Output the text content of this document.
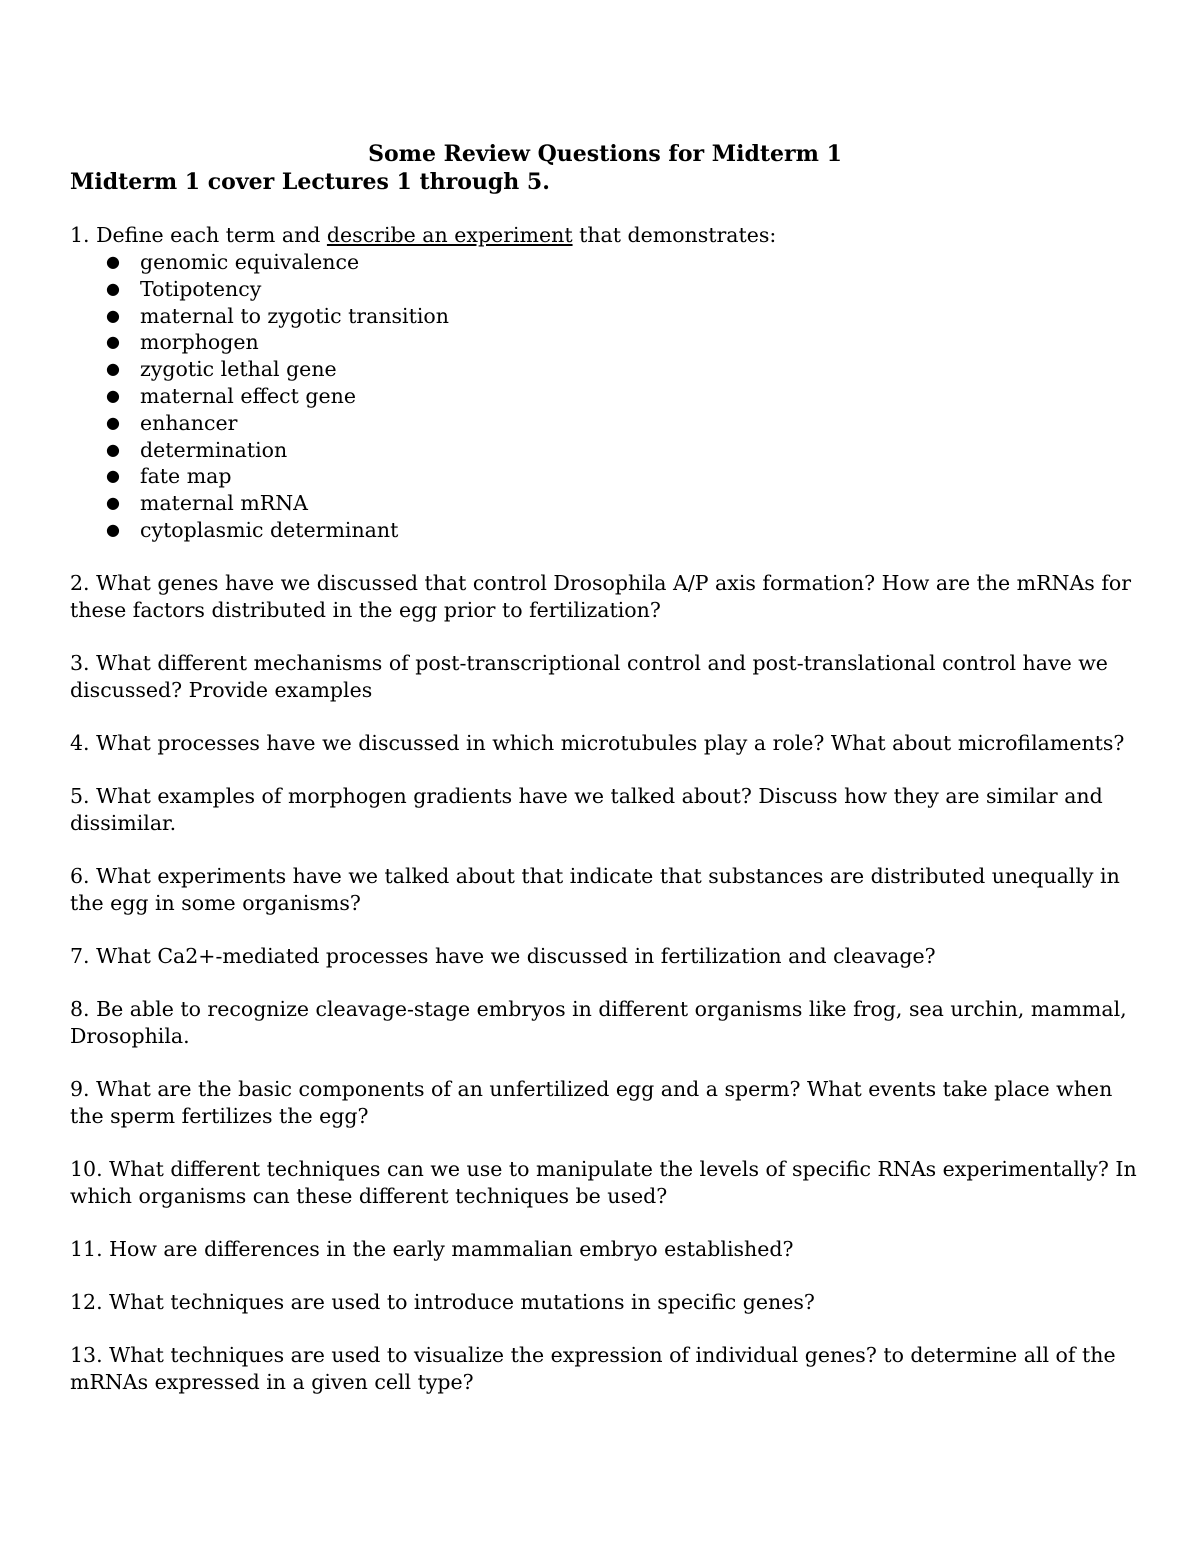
Some Review Questions for Midterm 1

Midterm 1 cover Lectures 1 through 5.

1. Define each term and describe an experiment that demonstrates:

● genomic equivalence
● Totipotency
● maternal to zygotic transition
● morphogen
● zygotic lethal gene
● maternal effect gene
● enhancer
● determination
● fate map
● maternal mRNA
● cytoplasmic determinant

2. What genes have we discussed that control Drosophila A/P axis formation? How are the mRNAs for these factors distributed in the egg prior to fertilization?

3. What different mechanisms of post-transcriptional control and post-translational control have we discussed? Provide examples

4. What processes have we discussed in which microtubules play a role? What about microfilaments?

5. What examples of morphogen gradients have we talked about? Discuss how they are similar and dissimilar.

6. What experiments have we talked about that indicate that substances are distributed unequally in the egg in some organisms?

7. What Ca2+-mediated processes have we discussed in fertilization and cleavage?

8. Be able to recognize cleavage-stage embryos in different organisms like frog, sea urchin, mammal, Drosophila.

9. What are the basic components of an unfertilized egg and a sperm? What events take place when the sperm fertilizes the egg?

10. What different techniques can we use to manipulate the levels of specific RNAs experimentally? In which organisms can these different techniques be used?

11. How are differences in the early mammalian embryo established?

12. What techniques are used to introduce mutations in specific genes?

13. What techniques are used to visualize the expression of individual genes? to determine all of the mRNAs expressed in a given cell type?
